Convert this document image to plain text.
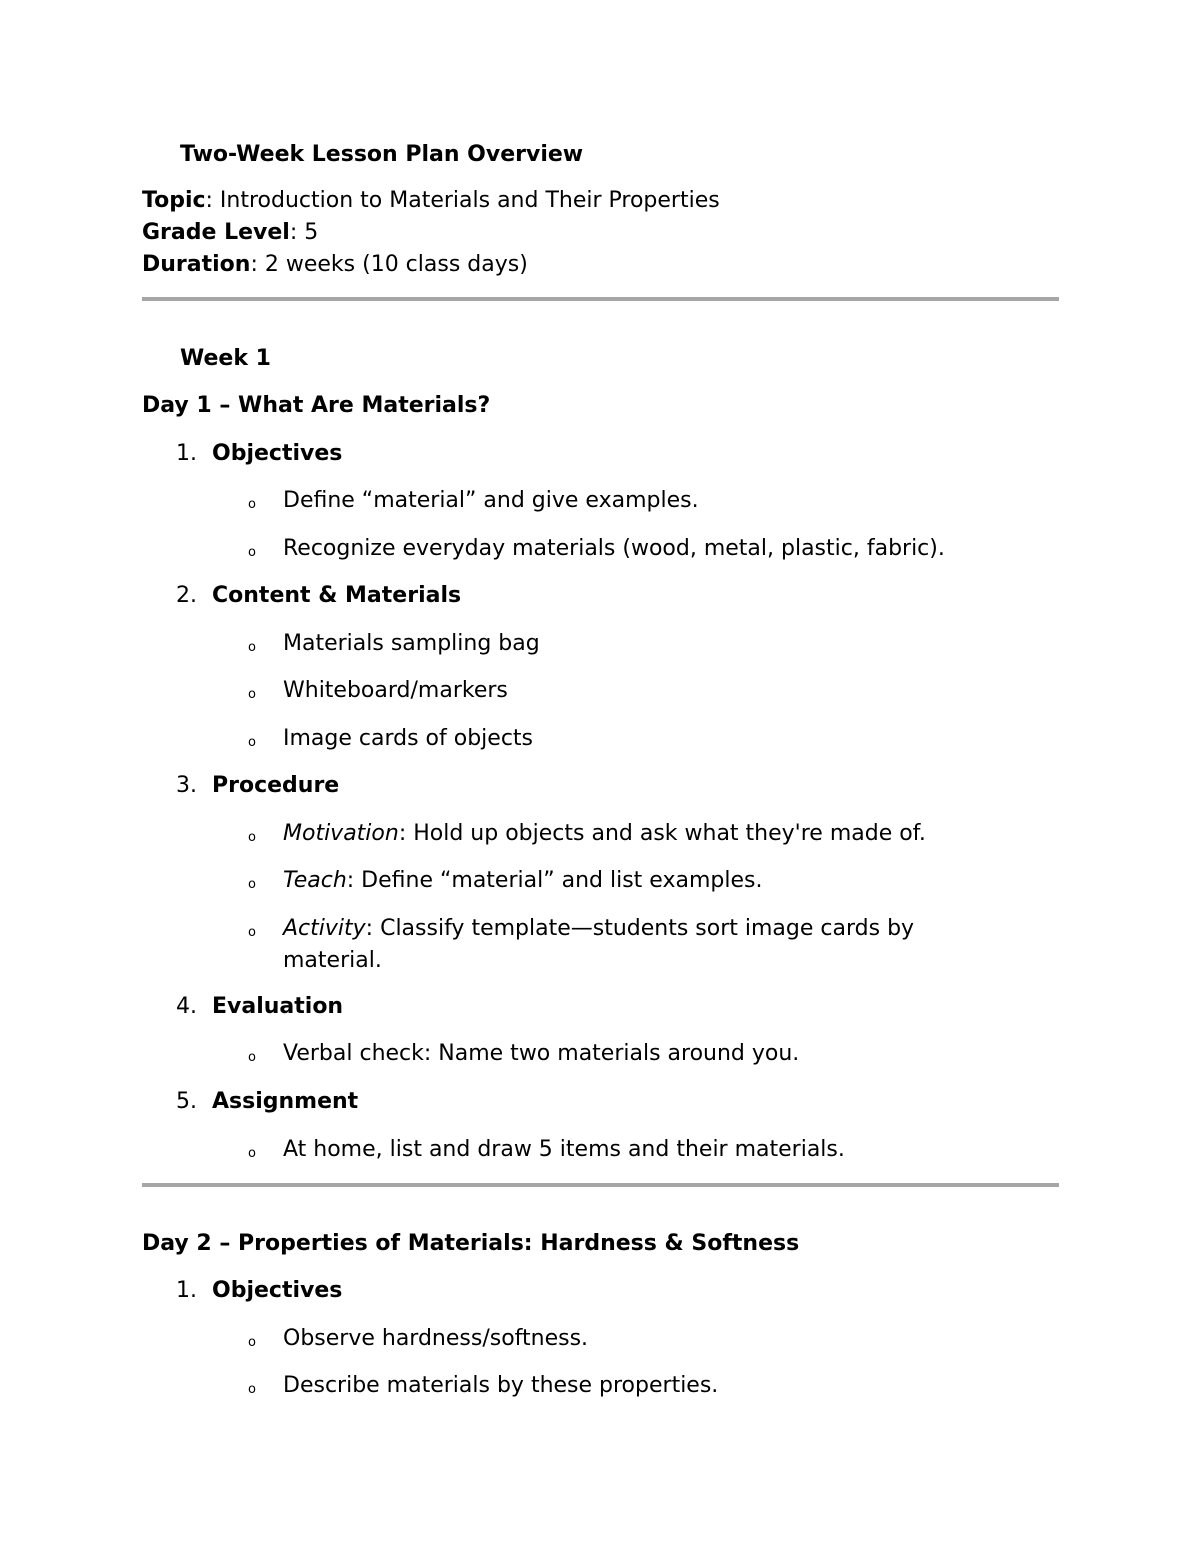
Two-Week Lesson Plan Overview
Topic: Introduction to Materials and Their Properties
Grade Level: 5
Duration: 2 weeks (10 class days)
Week 1
Day 1 – What Are Materials?
1. Objectives
o Define “material” and give examples.
o Recognize everyday materials (wood, metal, plastic, fabric).
2. Content & Materials
o Materials sampling bag
o Whiteboard/markers
o Image cards of objects
3. Procedure
o Motivation: Hold up objects and ask what they're made of.
o Teach: Define “material” and list examples.
o Activity: Classify template—students sort image cards by
material.
4. Evaluation
o Verbal check: Name two materials around you.
5. Assignment
o At home, list and draw 5 items and their materials.
Day 2 – Properties of Materials: Hardness & Softness
1. Objectives
o Observe hardness/softness.
o Describe materials by these properties.
